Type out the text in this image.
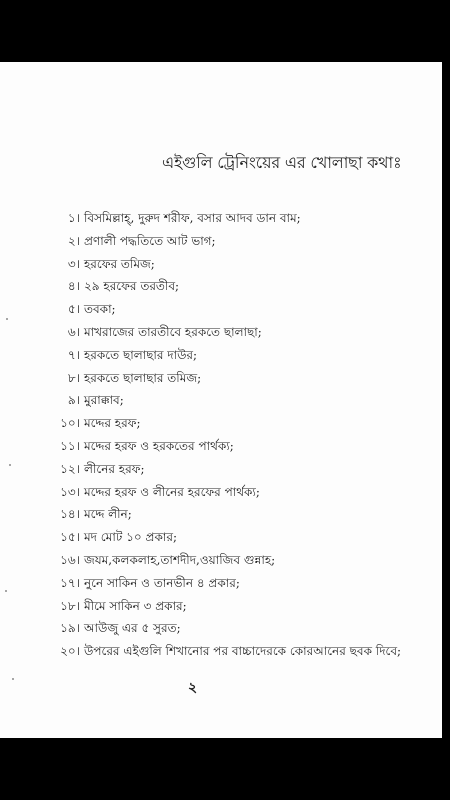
এইগুলি ট্রেনিংয়ের এর খোলাছা কথাঃ
১। বিসমিল্লাহ্, দুরুদ শরীফ, বসার আদব ডান বাম;
২। প্রণালী পদ্ধতিতে আট ভাগ;
৩। হরফের তমিজ;
৪। ২৯ হরফের তরতীব;
৫। তবকা;
৬। মাখরাজের তারতীবে হরকতে ছালাছা;
৭। হরকতে ছালাছার দাউর;
৮। হরকতে ছালাছার তমিজ;
৯। মুরাক্কাব;
১০। মদ্দের হরফ;
১১। মদ্দের হরফ ও হরকতের পার্থক্য;
১২। লীনের হরফ;
১৩। মদ্দের হরফ ও লীনের হরফের পার্থক্য;
১৪। মদ্দে লীন;
১৫। মদ মোট ১০ প্রকার;
১৬। জযম,কলকলাহ,তাশদীদ,ওয়াজিব গুন্নাহ;
১৭। নুনে সাকিন ও তানভীন ৪ প্রকার;
১৮। মীমে সাকিন ৩ প্রকার;
১৯। আউজু এর ৫ সুরত;
২০। উপরের এইগুলি শিখানোর পর বাচ্চাদেরকে কোরআনের ছবক দিবে;
২
